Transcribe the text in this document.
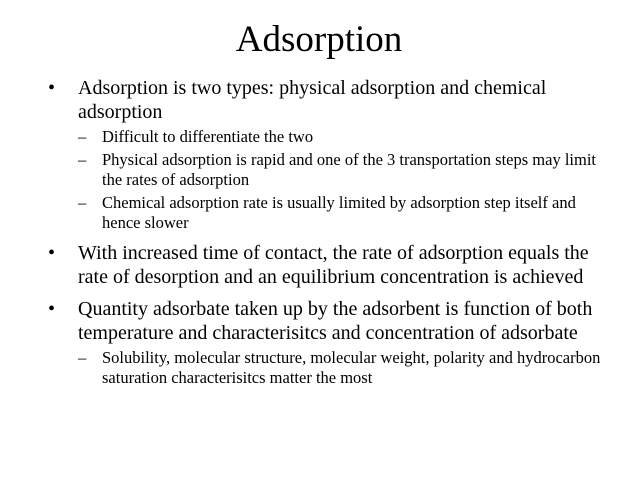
Adsorption
• Adsorption is two types: physical adsorption and chemical adsorption
– Difficult to differentiate the two
– Physical adsorption is rapid and one of the 3 transportation steps may limit the rates of adsorption
– Chemical adsorption rate is usually limited by adsorption step itself and hence slower
• With increased time of contact, the rate of adsorption equals the rate of desorption and an equilibrium concentration is achieved
• Quantity adsorbate taken up by the adsorbent is function of both temperature and characterisitcs and concentration of adsorbate
– Solubility, molecular structure, molecular weight, polarity and hydrocarbon saturation characterisitcs matter the most
